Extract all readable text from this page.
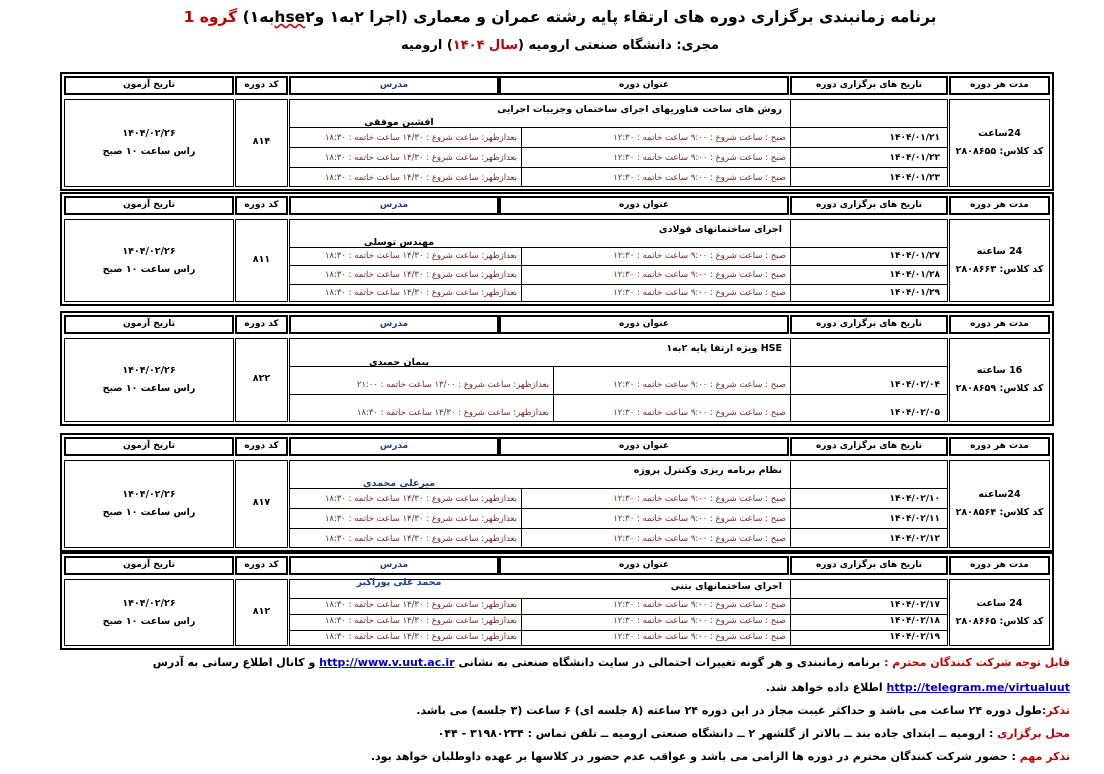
برنامه زمانبندی برگزاری دوره های ارتقاء پایه رشته عمران و معماری (اجرا ۲به۱ وhse۲به۱) گروه 1
مجری: دانشگاه صنعتی ارومیه (سال ۱۴۰۴) ارومیه
مدت هر دوره
تاریخ های برگزاری دوره
عنوان دوره
مدرس
کد دوره
تاریخ آزمون
24ساعت
کد کلاس: ۲۸۰۸۶۵۵
روش های ساخت فناوریهای اجرای ساختمان وجزییات اجرایی
افشین موفقی
۱۴۰۴/۰۱/۲۱
صبح : ساعت شروع : ۹:۰۰ ساعت خاتمه : ۱۲:۳۰
بعدازظهر: ساعت شروع : ۱۴/۳۰ ساعت خاتمه : ۱۸:۳۰
۱۴۰۴/۰۱/۲۲
صبح : ساعت شروع : ۹:۰۰ ساعت خاتمه : ۱۲:۳۰
بعدازظهر: ساعت شروع : ۱۴/۳۰ ساعت خاتمه : ۱۸:۳۰
۱۴۰۴/۰۱/۲۳
صبح : ساعت شروع : ۹:۰۰ ساعت خاتمه : ۱۲:۳۰
بعدازظهر: ساعت شروع : ۱۴/۳۰ ساعت خاتمه : ۱۸:۳۰
۸۱۴
۱۴۰۴/۰۲/۲۶
راس ساعت ۱۰ صبح
مدت هر دوره
تاریخ های برگزاری دوره
عنوان دوره
مدرس
کد دوره
تاریخ آزمون
24 ساعته
کد کلاس: ۲۸۰۸۶۶۳
اجرای ساختمانهای فولادی
مهندس توسلی
۱۴۰۴/۰۱/۲۷
صبح : ساعت شروع : ۹:۰۰ ساعت خاتمه : ۱۲:۳۰
بعدازظهر: ساعت شروع : ۱۴/۳۰ ساعت خاتمه : ۱۸:۳۰
۱۴۰۴/۰۱/۲۸
صبح : ساعت شروع : ۹:۰۰ ساعت خاتمه : ۱۲:۳۰
بعدازظهر: ساعت شروع : ۱۴/۳۰ ساعت خاتمه : ۱۸:۳۰
۱۴۰۴/۰۱/۲۹
صبح : ساعت شروع : ۹:۰۰ ساعت خاتمه : ۱۲:۳۰
بعدازظهر: ساعت شروع : ۱۴/۳۰ ساعت خاتمه : ۱۸:۳۰
۸۱۱
۱۴۰۴/۰۲/۲۶
راس ساعت ۱۰ صبح
مدت هر دوره
تاریخ های برگزاری دوره
عنوان دوره
مدرس
کد دوره
تاریخ آزمون
16 ساعته
کد کلاس: ۲۸۰۸۶۵۹
HSE ویژه ارتقا پایه ۲به۱
پیمان حمیدی
۱۴۰۴/۰۲/۰۴
صبح : ساعت شروع : ۹:۰۰ ساعت خاتمه : ۱۲:۳۰
بعدازظهر: ساعت شروع : ۱۳/۰۰ ساعت خاتمه : ۲۱:۰۰
۱۴۰۴/۰۲/۰۵
صبح : ساعت شروع : ۹:۰۰ ساعت خاتمه : ۱۲:۳۰
بعدازظهر: ساعت شروع : ۱۴/۳۰ ساعت خاتمه : ۱۸:۳۰
۸۲۲
۱۴۰۴/۰۲/۲۶
راس ساعت ۱۰ صبح
مدت هر دوره
تاریخ های برگزاری دوره
عنوان دوره
مدرس
کد دوره
تاریخ آزمون
24ساعته
کد کلاس: ۲۸۰۸۵۶۴
نظام برنامه ریزی وکنترل پروژه
میرعلی محمدی
۱۴۰۴/۰۲/۱۰
صبح : ساعت شروع : ۹:۰۰ ساعت خاتمه : ۱۲:۳۰
بعدازظهر: ساعت شروع : ۱۴/۳۰ ساعت خاتمه : ۱۸:۳۰
۱۴۰۴/۰۲/۱۱
صبح : ساعت شروع : ۹:۰۰ ساعت خاتمه : ۱۲:۳۰
بعدازظهر: ساعت شروع : ۱۴/۳۰ ساعت خاتمه : ۱۸:۳۰
۱۴۰۴/۰۲/۱۲
صبح : ساعت شروع : ۹:۰۰ ساعت خاتمه : ۱۲:۳۰
بعدازظهر: ساعت شروع : ۱۴/۳۰ ساعت خاتمه : ۱۸:۳۰
۸۱۷
۱۴۰۴/۰۲/۲۶
راس ساعت ۱۰ صبح
مدت هر دوره
تاریخ های برگزاری دوره
عنوان دوره
مدرس
کد دوره
تاریخ آزمون
24 ساعت
کد کلاس: ۲۸۰۸۶۶۵
اجرای ساختمانهای بتنی
محمد علی پوراکبر
۱۴۰۴/۰۲/۱۷
صبح : ساعت شروع : ۹:۰۰ ساعت خاتمه : ۱۲:۳۰
بعدازظهر: ساعت شروع : ۱۴/۳۰ ساعت خاتمه : ۱۸:۳۰
۱۴۰۴/۰۲/۱۸
صبح : ساعت شروع : ۹:۰۰ ساعت خاتمه : ۱۲:۳۰
بعدازظهر: ساعت شروع : ۱۴/۳۰ ساعت خاتمه : ۱۸:۳۰
۱۴۰۴/۰۲/۱۹
صبح : ساعت شروع : ۹:۰۰ ساعت خاتمه : ۱۲:۳۰
بعدازظهر: ساعت شروع : ۱۴/۳۰ ساعت خاتمه : ۱۸:۳۰
۸۱۲
۱۴۰۴/۰۲/۲۶
راس ساعت ۱۰ صبح
قابل توجه شرکت کنندگان محترم : برنامه زمانبندی و هر گونه تغییرات احتمالی در سایت دانشگاه صنعتی به نشانی http://www.v.uut.ac.ir و کانال اطلاع رسانی به آدرس
http://telegram.me/virtualuut اطلاع داده خواهد شد.
تذکر:طول دوره ۲۴ ساعت می باشد و حداکثر غیبت مجاز در این دوره ۲۴ ساعته (۸ جلسه ای) ۶ ساعت (۳ جلسه) می باشد.
محل برگزاری : ارومیه ــ ابتدای جاده بند ــ بالاتر از گلشهر ۲ ــ دانشگاه صنعتی ارومیه ــ تلفن تماس : ۳۱۹۸۰۲۳۴ - ۰۴۴
تذکر مهم : حضور شرکت کنندگان محترم در دوره ها الزامی می باشد و عواقب عدم حضور در کلاسها بر عهده داوطلبان خواهد بود.
